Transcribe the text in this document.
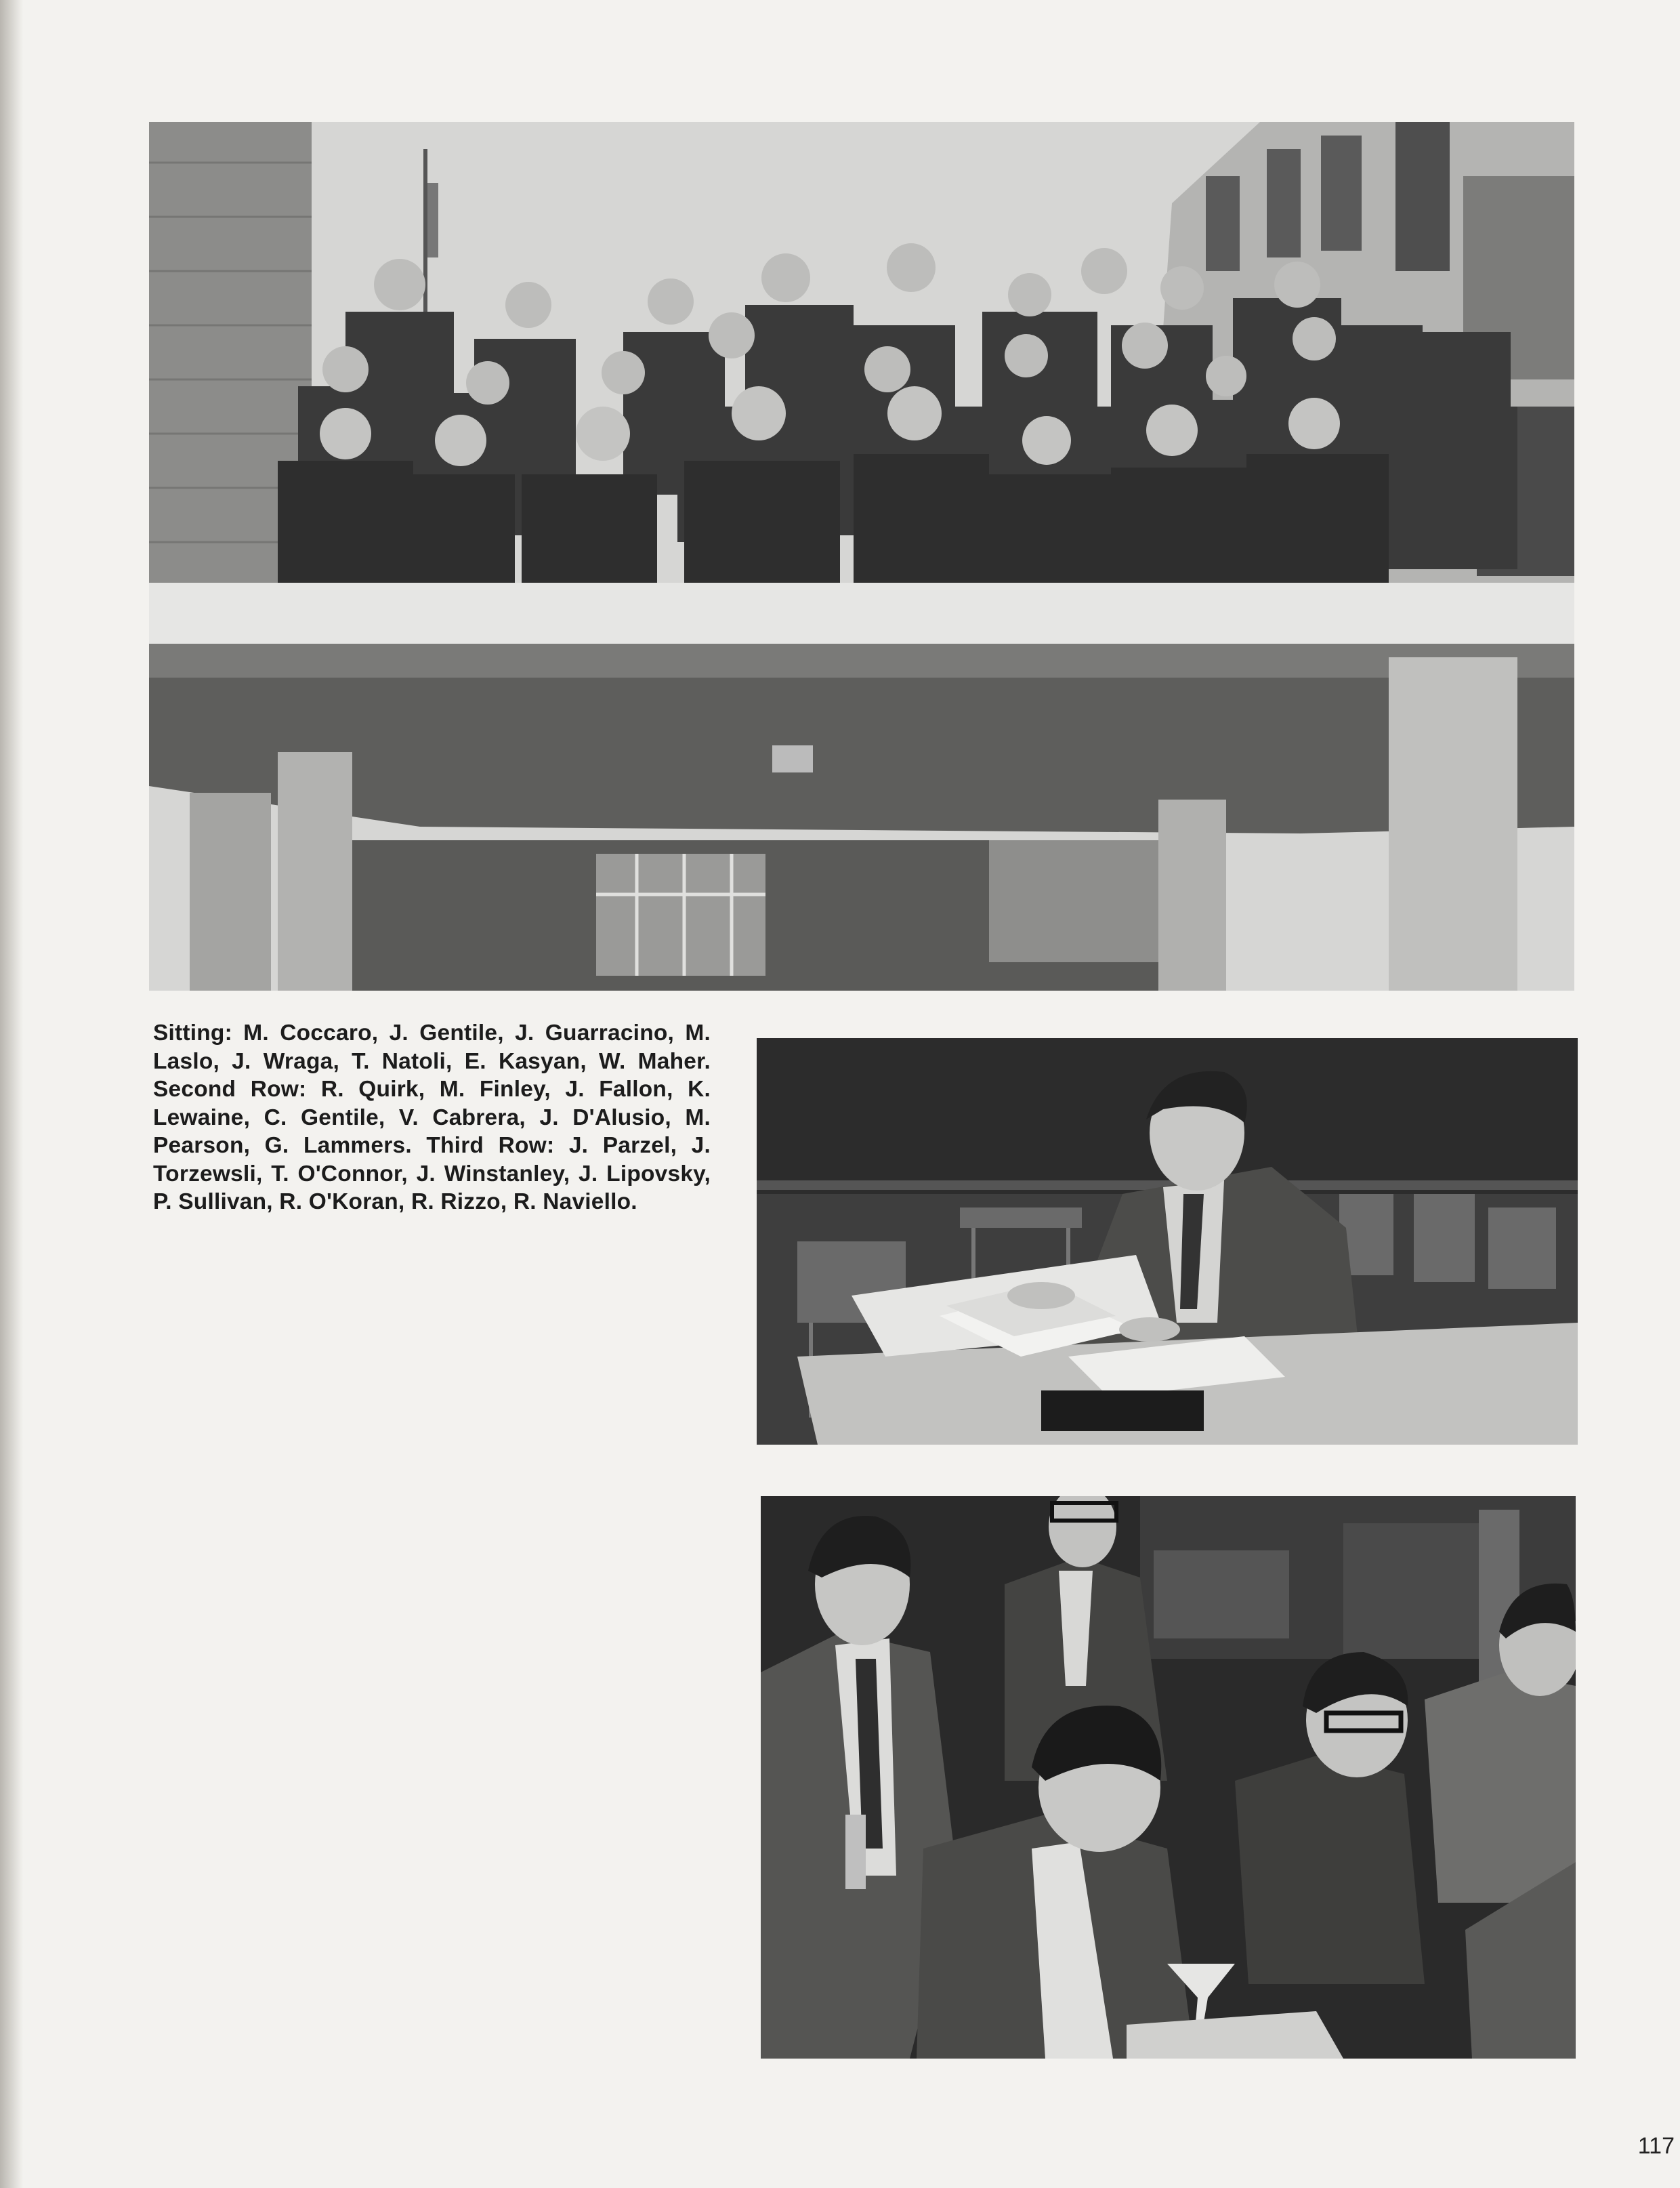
Sitting: M. Coccaro, J. Gentile, J. Guarracino, M. Laslo, J. Wraga, T. Natoli, E. Kasyan, W. Maher. Second Row: R. Quirk, M. Finley, J. Fallon, K. Lewaine, C. Gentile, V. Cabrera, J. D'Alusio, M. Pearson, G. Lammers. Third Row: J. Parzel, J. Torzewsli, T. O'Connor, J. Winstanley, J. Lipovsky, P. Sullivan, R. O'Koran, R. Rizzo, R. Naviello.

117
